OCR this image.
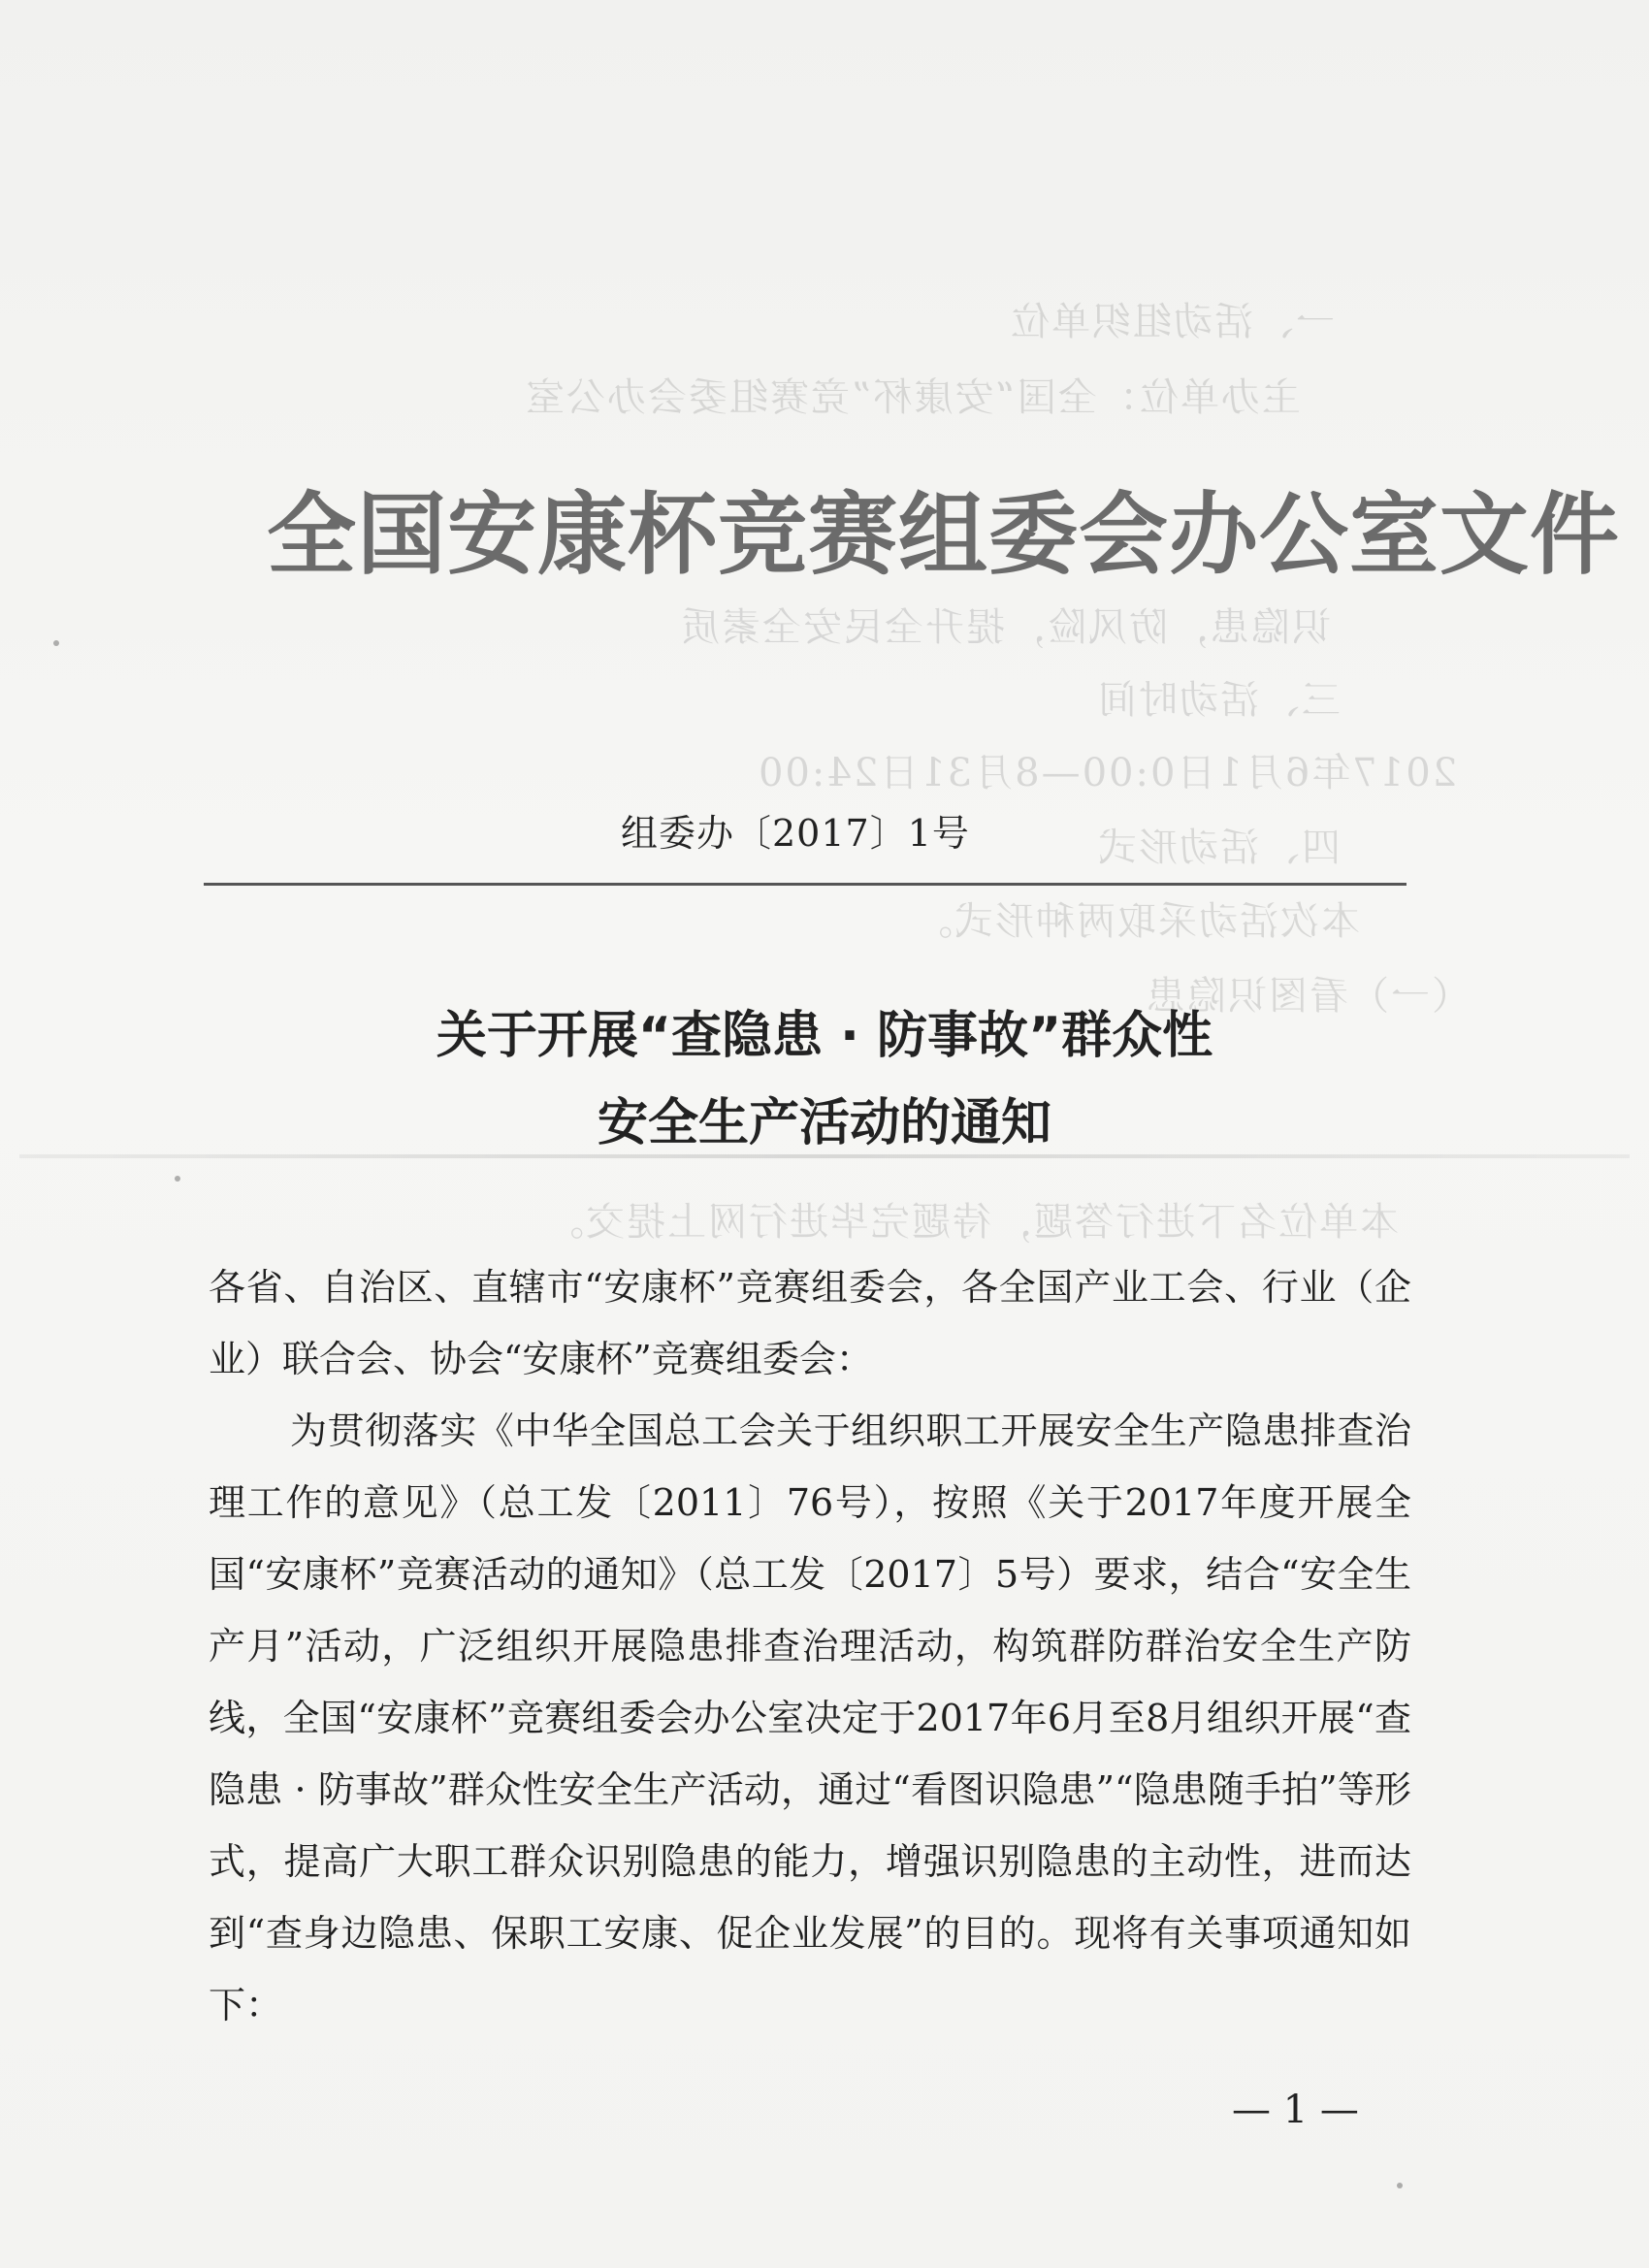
一、活动组织单位
主办单位：全国“安康杯”竞赛组委会办公室
识隐患，防风险，提升全民安全素质
三、活动时间
2017年6月1日0:00—8月31日24:00
四、活动形式
本次活动采取两种形式。
（一）看图识隐患
本单位名下进行答题，待题完毕进行网上提交。
全国安康杯竞赛组委会办公室文件
组委办〔2017〕1号
关于开展“查隐患 · 防事故”群众性
安全生产活动的通知
各省、自治区、直辖市“安康杯”竞赛组委会，各全国产业工会、行业（企业）联合会、协会“安康杯”竞赛组委会：
为贯彻落实《中华全国总工会关于组织职工开展安全生产隐患排查治理工作的意见》（总工发〔2011〕76号），按照《关于2017年度开展全国“安康杯”竞赛活动的通知》（总工发〔2017〕5号）要求，结合“安全生产月”活动，广泛组织开展隐患排查治理活动，构筑群防群治安全生产防线，全国“安康杯”竞赛组委会办公室决定于2017年6月至8月组织开展“查隐患 · 防事故”群众性安全生产活动，通过“看图识隐患”“隐患随手拍”等形式，提高广大职工群众识别隐患的能力，增强识别隐患的主动性，进而达到“查身边隐患、保职工安康、促企业发展”的目的。现将有关事项通知如下：
— 1 —
